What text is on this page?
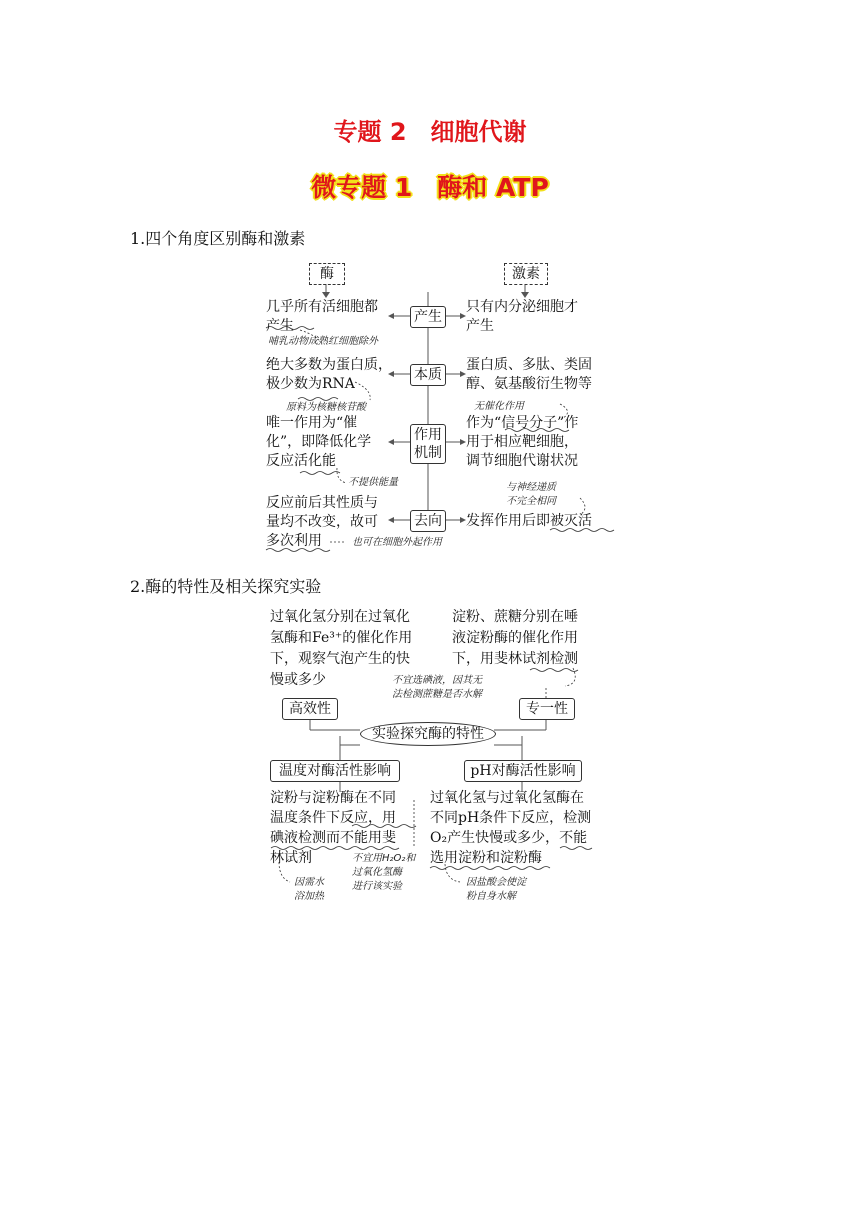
专题 2　细胞代谢
微专题 1　酶和 ATP
1.四个角度区别酶和激素
酶	激素
产生
几乎所有活细胞都
产生
只有内分泌细胞才
产生
哺乳动物成熟红细胞除外
本质
绝大多数为蛋白质，
极少数为RNA
蛋白质、多肽、类固
醇、氨基酸衍生物等
原料为核糖核苷酸
作用机制
唯一作用为“催
化”，即降低化学
反应活化能
作为“信号分子”作
用于相应靶细胞，
调节细胞代谢状况
不提供能量
无催化作用
去向
反应前后其性质与
量均不改变，故可
多次利用
发挥作用后即被灭活
也可在细胞外起作用
与神经递质
不完全相同
2.酶的特性及相关探究实验
过氧化氢分别在过氧化
氢酶和Fe³⁺的催化作用
下，观察气泡产生的快
慢或多少
高效性
淀粉、蔗糖分别在唾
液淀粉酶的催化作用
下，用斐林试剂检测
不宜选碘液，因其无
法检测蔗糖是否水解
专一性
实验探究酶的特性
温度对酶活性影响	pH对酶活性影响
淀粉与淀粉酶在不同
温度条件下反应，用
碘液检测而不能用斐
林试剂
因需水
浴加热
不宜用H₂O₂和
过氧化氢酶
进行该实验
过氧化氢与过氧化氢酶在
不同pH条件下反应，检测
O₂产生快慢或多少，不能
选用淀粉和淀粉酶
因盐酸会使淀
粉自身水解
